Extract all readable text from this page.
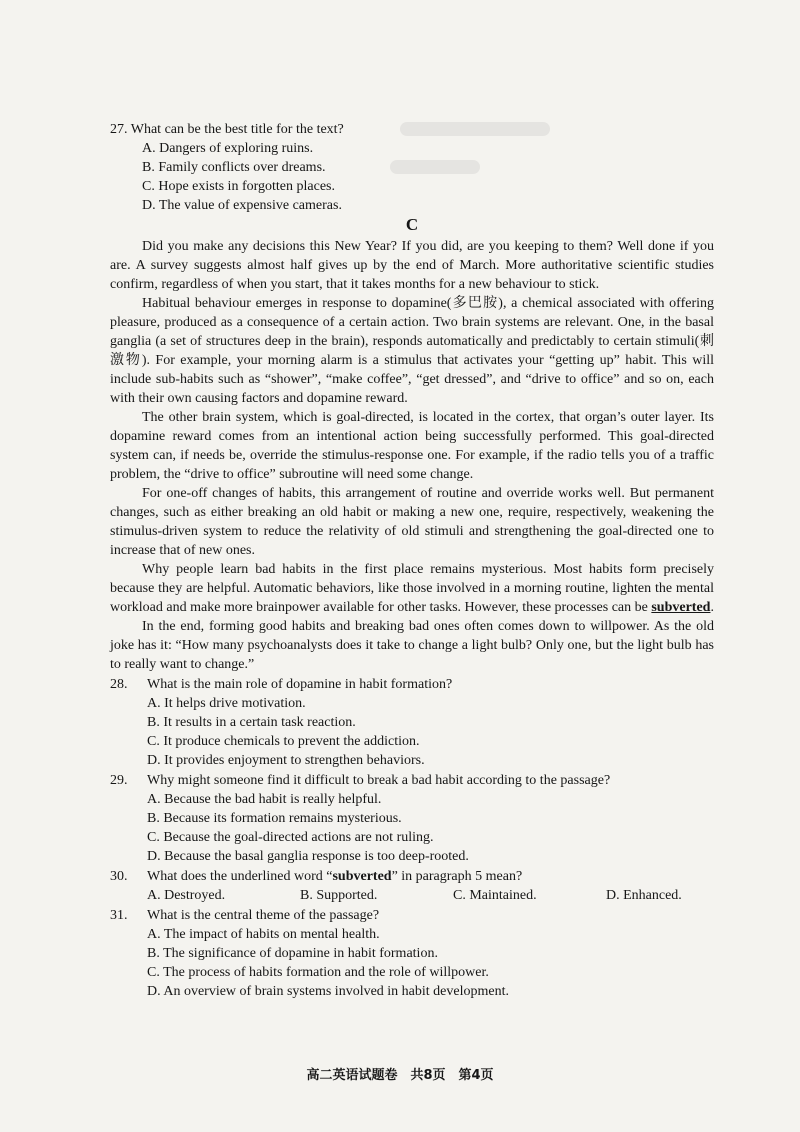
27. What can be the best title for the text?

A. Dangers of exploring ruins.
B. Family conflicts over dreams.
C. Hope exists in forgotten places.
D. The value of expensive cameras.
C

Did you make any decisions this New Year? If you did, are you keeping to them? Well done if you are. A survey suggests almost half gives up by the end of March. More authoritative scientific studies confirm, regardless of when you start, that it takes months for a new behaviour to stick.

Habitual behaviour emerges in response to dopamine(多巴胺), a chemical associated with offering pleasure, produced as a consequence of a certain action. Two brain systems are relevant. One, in the basal ganglia (a set of structures deep in the brain), responds automatically and predictably to certain stimuli(刺激物). For example, your morning alarm is a stimulus that activates your “getting up” habit. This will include sub-habits such as “shower”, “make coffee”, “get dressed”, and “drive to office” and so on, each with their own causing factors and dopamine reward.

The other brain system, which is goal-directed, is located in the cortex, that organ’s outer layer. Its dopamine reward comes from an intentional action being successfully performed. This goal-directed system can, if needs be, override the stimulus-response one. For example, if the radio tells you of a traffic problem, the “drive to office” subroutine will need some change.

For one-off changes of habits, this arrangement of routine and override works well. But permanent changes, such as either breaking an old habit or making a new one, require, respectively, weakening the stimulus-driven system to reduce the relativity of old stimuli and strengthening the goal-directed one to increase that of new ones.

Why people learn bad habits in the first place remains mysterious. Most habits form precisely because they are helpful. Automatic behaviors, like those involved in a morning routine, lighten the mental workload and make more brainpower available for other tasks. However, these processes can be subverted.

In the end, forming good habits and breaking bad ones often comes down to willpower. As the old joke has it: “How many psychoanalysts does it take to change a light bulb? Only one, but the light bulb has to really want to change.”

28. What is the main role of dopamine in habit formation?

A. It helps drive motivation.
B. It results in a certain task reaction.
C. It produce chemicals to prevent the addiction.
D. It provides enjoyment to strengthen behaviors.

29. Why might someone find it difficult to break a bad habit according to the passage?

A. Because the bad habit is really helpful.
B. Because its formation remains mysterious.
C. Because the goal-directed actions are not ruling.
D. Because the basal ganglia response is too deep-rooted.

30. What does the underlined word “subverted” in paragraph 5 mean?

A. Destroyed.	B. Supported.	C. Maintained.	D. Enhanced.

31. What is the central theme of the passage?

A. The impact of habits on mental health.
B. The significance of dopamine in habit formation.
C. The process of habits formation and the role of willpower.
D. An overview of brain systems involved in habit development.
高二英语试题卷　共8页　第4页
